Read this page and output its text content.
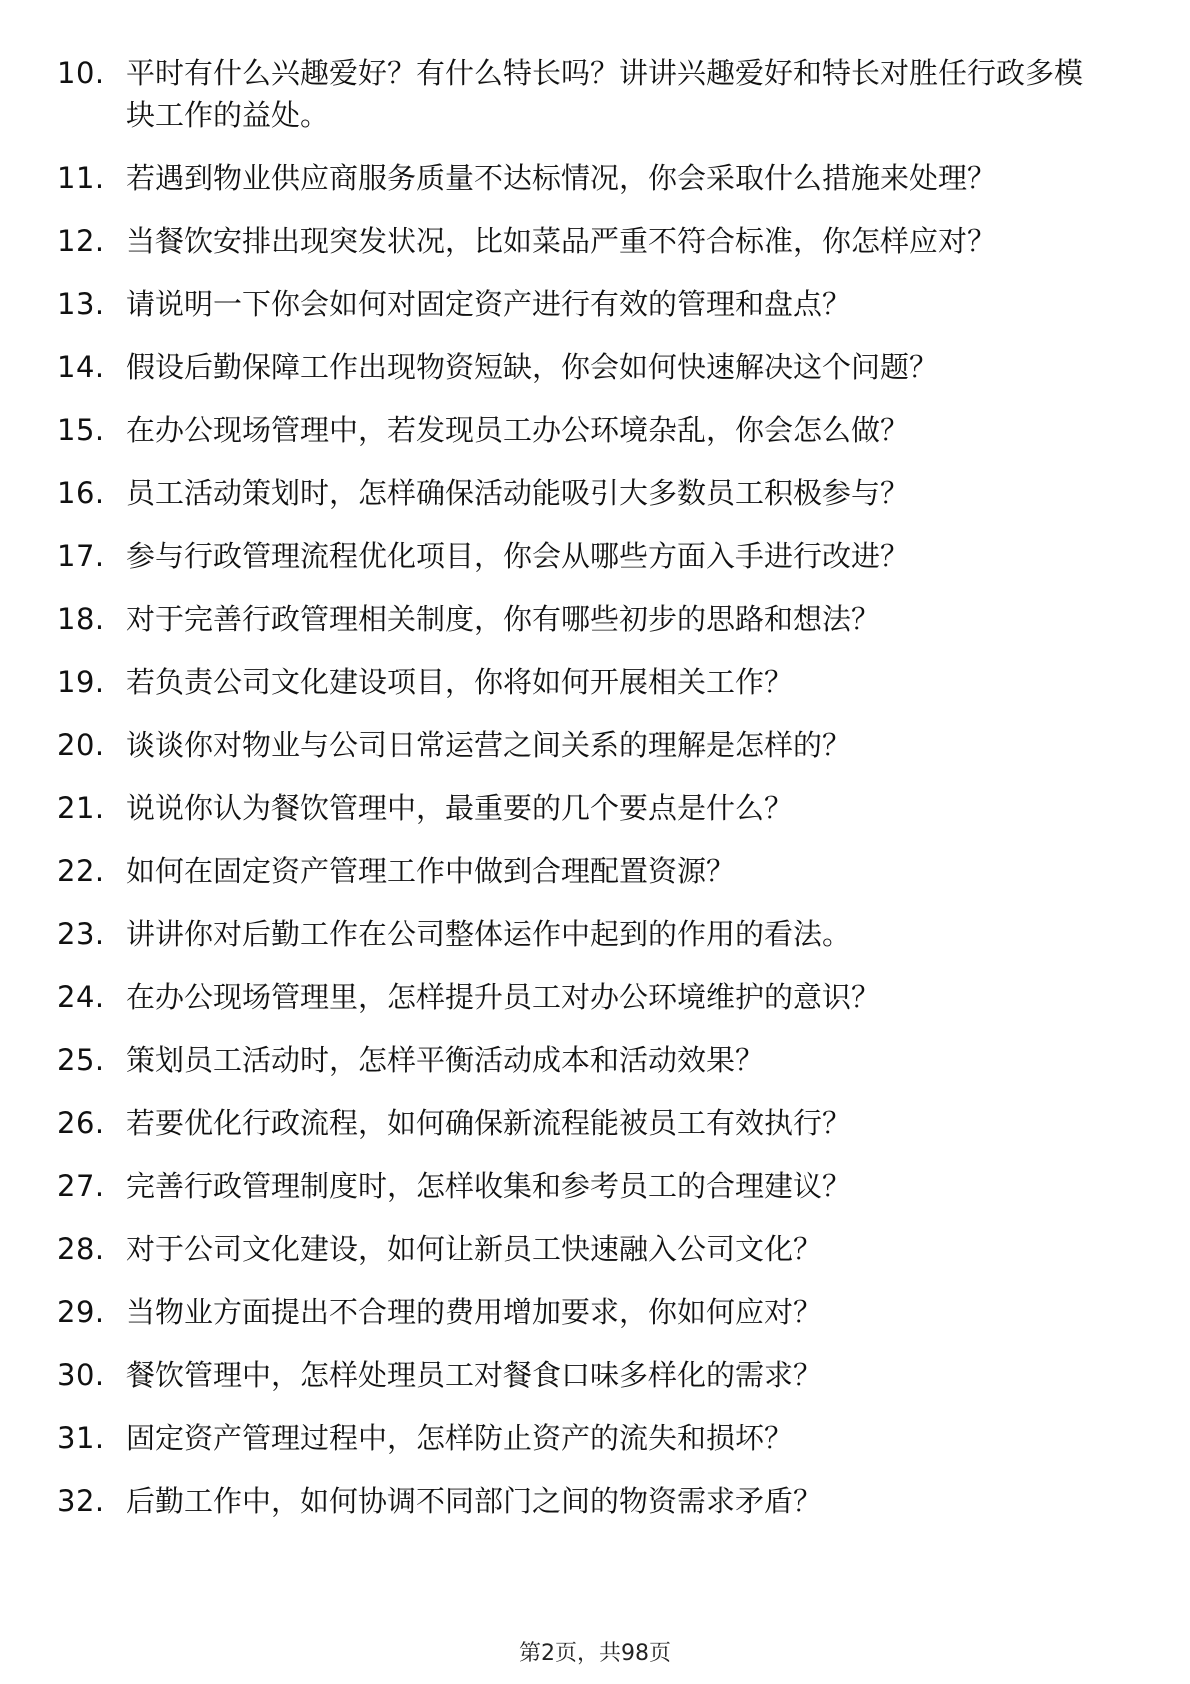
10. 平时有什么兴趣爱好？有什么特长吗？讲讲兴趣爱好和特长对胜任行政多模块工作的益处。
11. 若遇到物业供应商服务质量不达标情况，你会采取什么措施来处理？
12. 当餐饮安排出现突发状况，比如菜品严重不符合标准，你怎样应对？
13. 请说明一下你会如何对固定资产进行有效的管理和盘点？
14. 假设后勤保障工作出现物资短缺，你会如何快速解决这个问题？
15. 在办公现场管理中，若发现员工办公环境杂乱，你会怎么做？
16. 员工活动策划时，怎样确保活动能吸引大多数员工积极参与？
17. 参与行政管理流程优化项目，你会从哪些方面入手进行改进？
18. 对于完善行政管理相关制度，你有哪些初步的思路和想法？
19. 若负责公司文化建设项目，你将如何开展相关工作？
20. 谈谈你对物业与公司日常运营之间关系的理解是怎样的？
21. 说说你认为餐饮管理中，最重要的几个要点是什么？
22. 如何在固定资产管理工作中做到合理配置资源？
23. 讲讲你对后勤工作在公司整体运作中起到的作用的看法。
24. 在办公现场管理里，怎样提升员工对办公环境维护的意识？
25. 策划员工活动时，怎样平衡活动成本和活动效果？
26. 若要优化行政流程，如何确保新流程能被员工有效执行？
27. 完善行政管理制度时，怎样收集和参考员工的合理建议？
28. 对于公司文化建设，如何让新员工快速融入公司文化？
29. 当物业方面提出不合理的费用增加要求，你如何应对？
30. 餐饮管理中，怎样处理员工对餐食口味多样化的需求？
31. 固定资产管理过程中，怎样防止资产的流失和损坏？
32. 后勤工作中，如何协调不同部门之间的物资需求矛盾？
第2页，共98页
